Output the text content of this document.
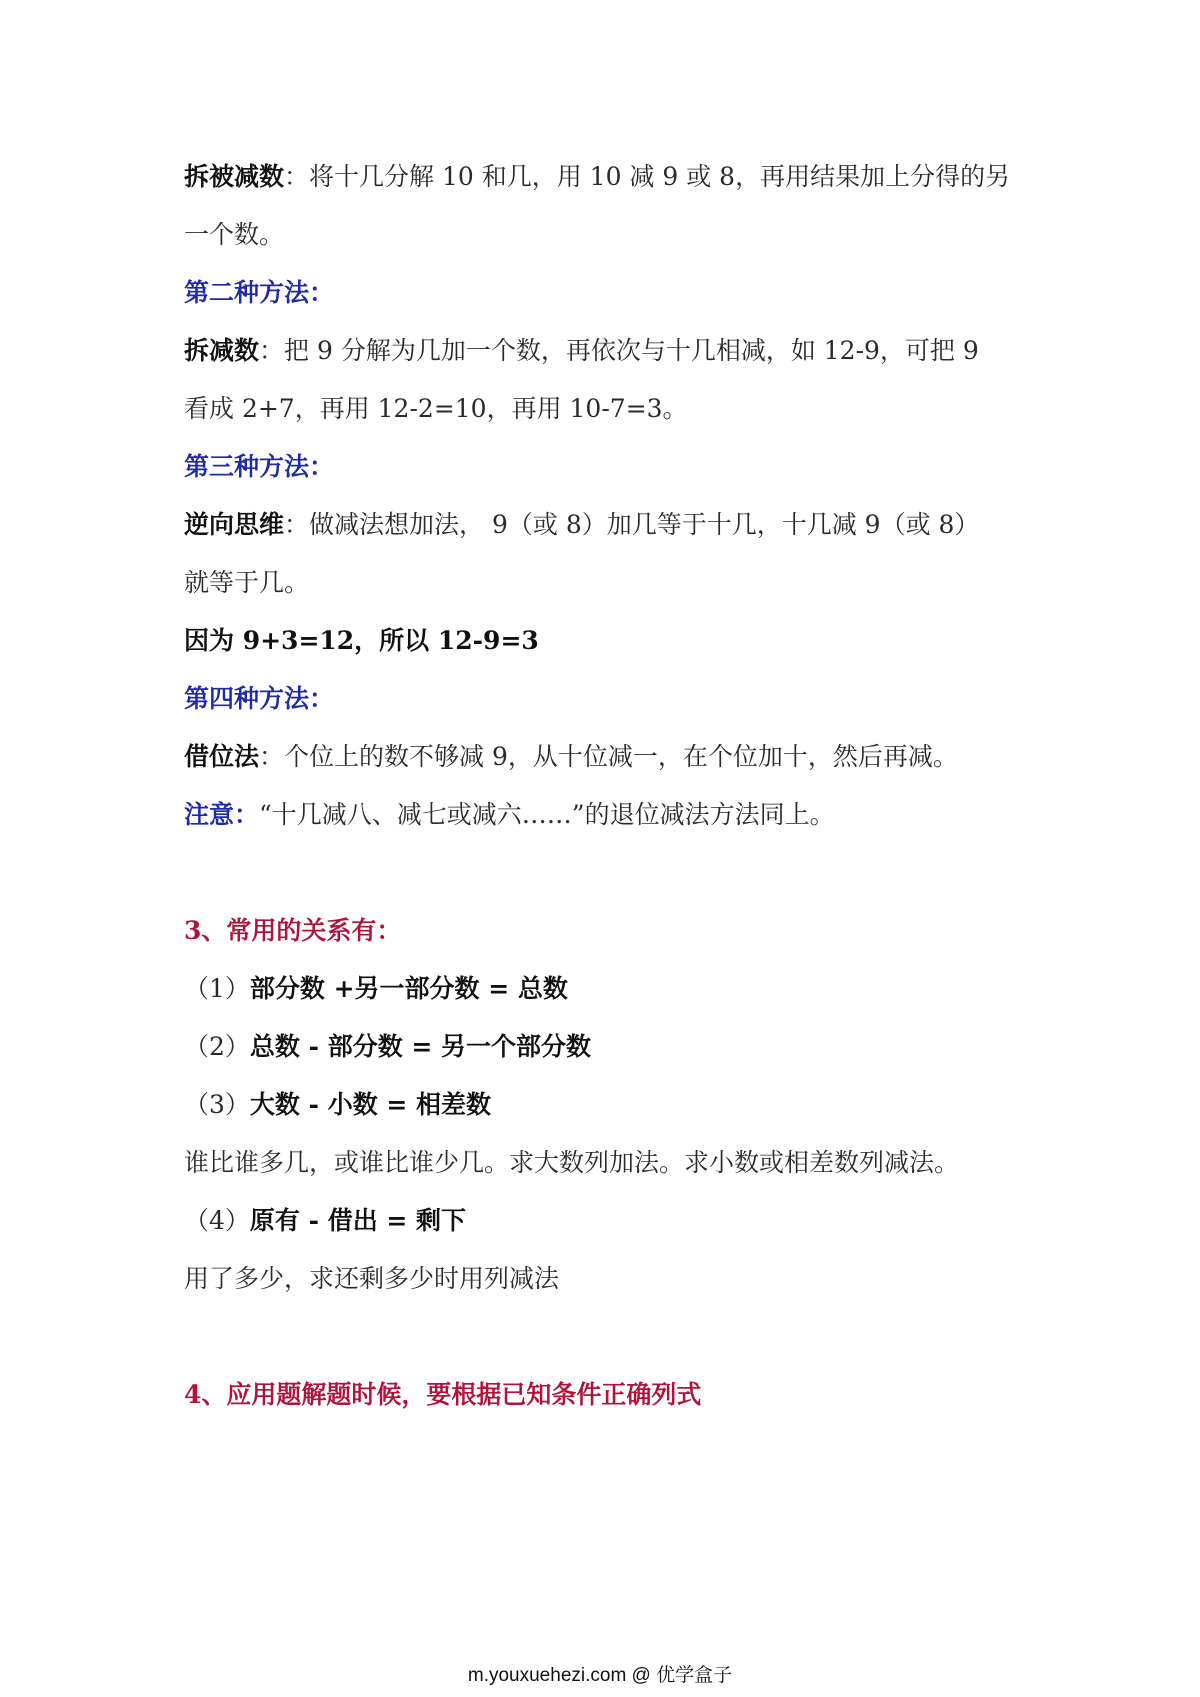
拆被减数：将十几分解 10 和几，用 10 减 9 或 8，再用结果加上分得的另
一个数。
第二种方法：
拆减数：把 9 分解为几加一个数，再依次与十几相减，如 12-9，可把 9
看成 2+7，再用 12-2=10，再用 10-7=3。
第三种方法：
逆向思维：做减法想加法， 9（或 8）加几等于十几，十几减 9（或 8）
就等于几。
因为 9+3=12，所以 12-9=3
第四种方法：
借位法：个位上的数不够减 9，从十位减一，在个位加十，然后再减。
注意：“十几减八、减七或减六……”的退位减法方法同上。
3、常用的关系有：
（1）部分数 +另一部分数 = 总数
（2）总数 - 部分数 = 另一个部分数
（3）大数 - 小数 = 相差数
谁比谁多几，或谁比谁少几。求大数列加法。求小数或相差数列减法。
（4）原有 - 借出 = 剩下
用了多少，求还剩多少时用列减法
4、应用题解题时候，要根据已知条件正确列式
m.youxuehezi.com @ 优学盒子
